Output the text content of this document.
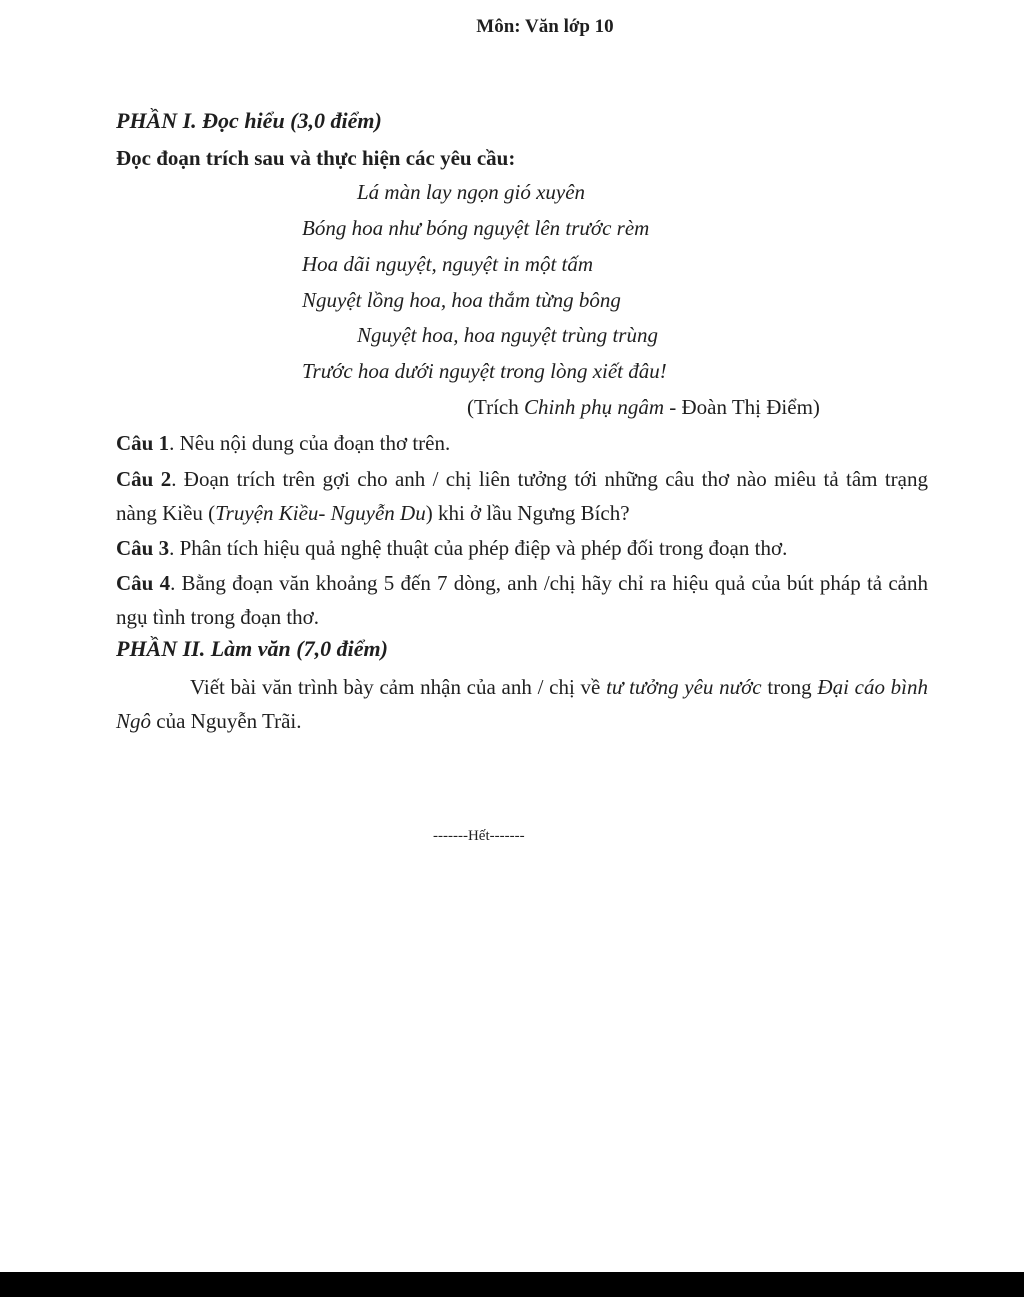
Môn: Văn lớp 10
PHẦN I. Đọc hiểu (3,0 điểm)
Đọc đoạn trích sau và thực hiện các yêu cầu:
Lá màn lay ngọn gió xuyên
Bóng hoa như bóng nguyệt lên trước rèm
Hoa dãi nguyệt, nguyệt in một tấm
Nguyệt lồng hoa, hoa thắm từng bông
Nguyệt hoa, hoa nguyệt trùng trùng
Trước hoa dưới nguyệt trong lòng xiết đâu!
(Trích Chinh phụ ngâm - Đoàn Thị Điểm)
Câu 1. Nêu nội dung của đoạn thơ trên.
Câu 2. Đoạn trích trên gợi cho anh / chị liên tưởng tới những câu thơ nào miêu tả tâm trạng nàng Kiều (Truyện Kiều- Nguyễn Du) khi ở lầu Ngưng Bích?
Câu 3. Phân tích hiệu quả nghệ thuật của phép điệp và phép đối trong đoạn thơ.
Câu 4. Bằng đoạn văn khoảng 5 đến 7 dòng, anh /chị hãy chỉ ra hiệu quả của bút pháp tả cảnh ngụ tình trong đoạn thơ.
PHẦN II. Làm văn (7,0 điểm)
Viết bài văn trình bày cảm nhận của anh / chị về tư tưởng yêu nước trong Đại cáo bình Ngô của Nguyễn Trãi.
-------Hết-------
